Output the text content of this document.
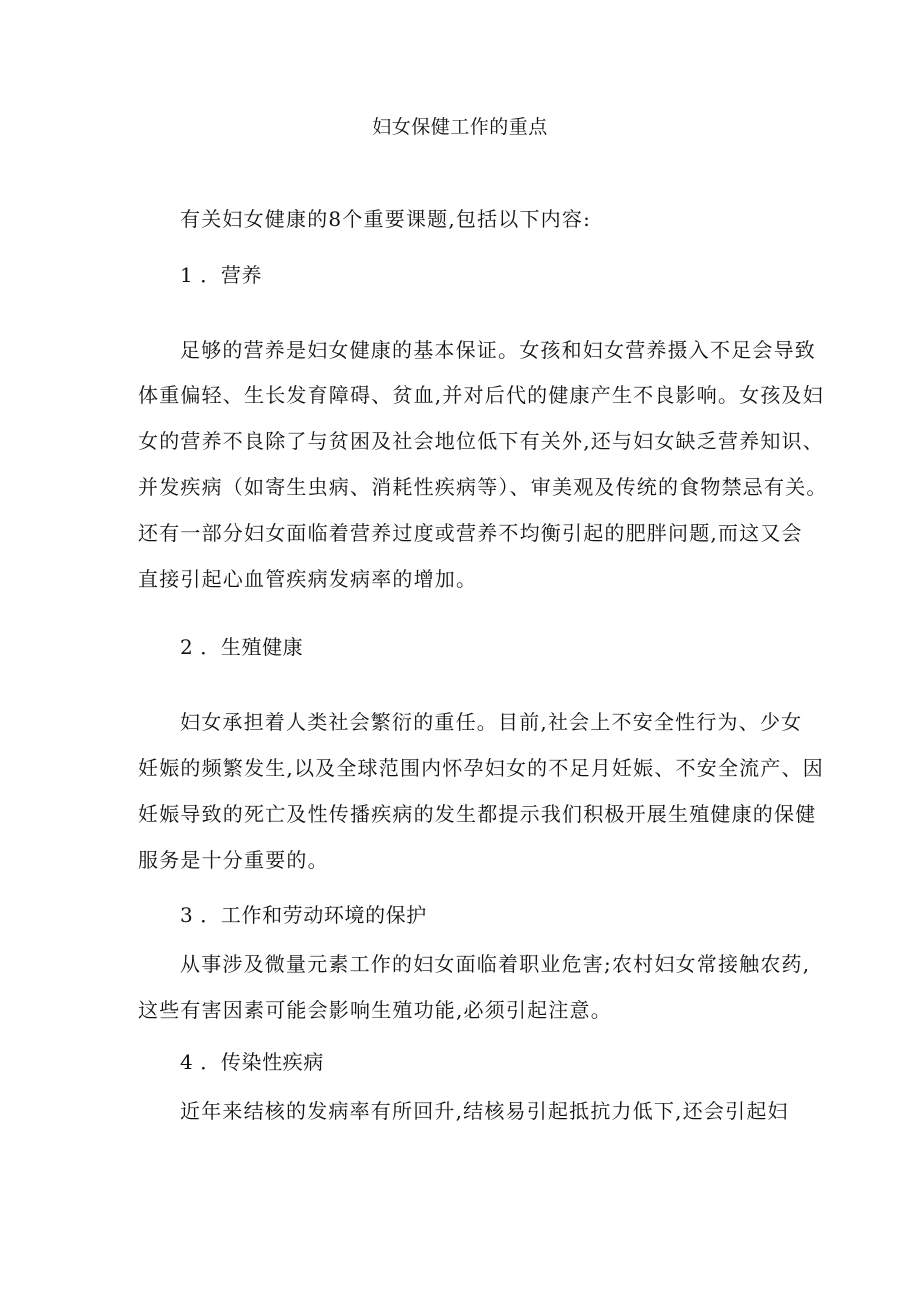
妇女保健工作的重点
有关妇女健康的8个重要课题,包括以下内容:
1 ．营养
足够的营养是妇女健康的基本保证。女孩和妇女营养摄入不足会导致
体重偏轻、生长发育障碍、贫血,并对后代的健康产生不良影响。女孩及妇
女的营养不良除了与贫困及社会地位低下有关外,还与妇女缺乏营养知识、
并发疾病（如寄生虫病、消耗性疾病等）、审美观及传统的食物禁忌有关。
还有一部分妇女面临着营养过度或营养不均衡引起的肥胖问题,而这又会
直接引起心血管疾病发病率的增加。
2 ．生殖健康
妇女承担着人类社会繁衍的重任。目前,社会上不安全性行为、少女
妊娠的频繁发生,以及全球范围内怀孕妇女的不足月妊娠、不安全流产、因
妊娠导致的死亡及性传播疾病的发生都提示我们积极开展生殖健康的保健
服务是十分重要的。
3 ．工作和劳动环境的保护
从事涉及微量元素工作的妇女面临着职业危害;农村妇女常接触农药,
这些有害因素可能会影响生殖功能,必须引起注意。
4 ．传染性疾病
近年来结核的发病率有所回升,结核易引起抵抗力低下,还会引起妇
